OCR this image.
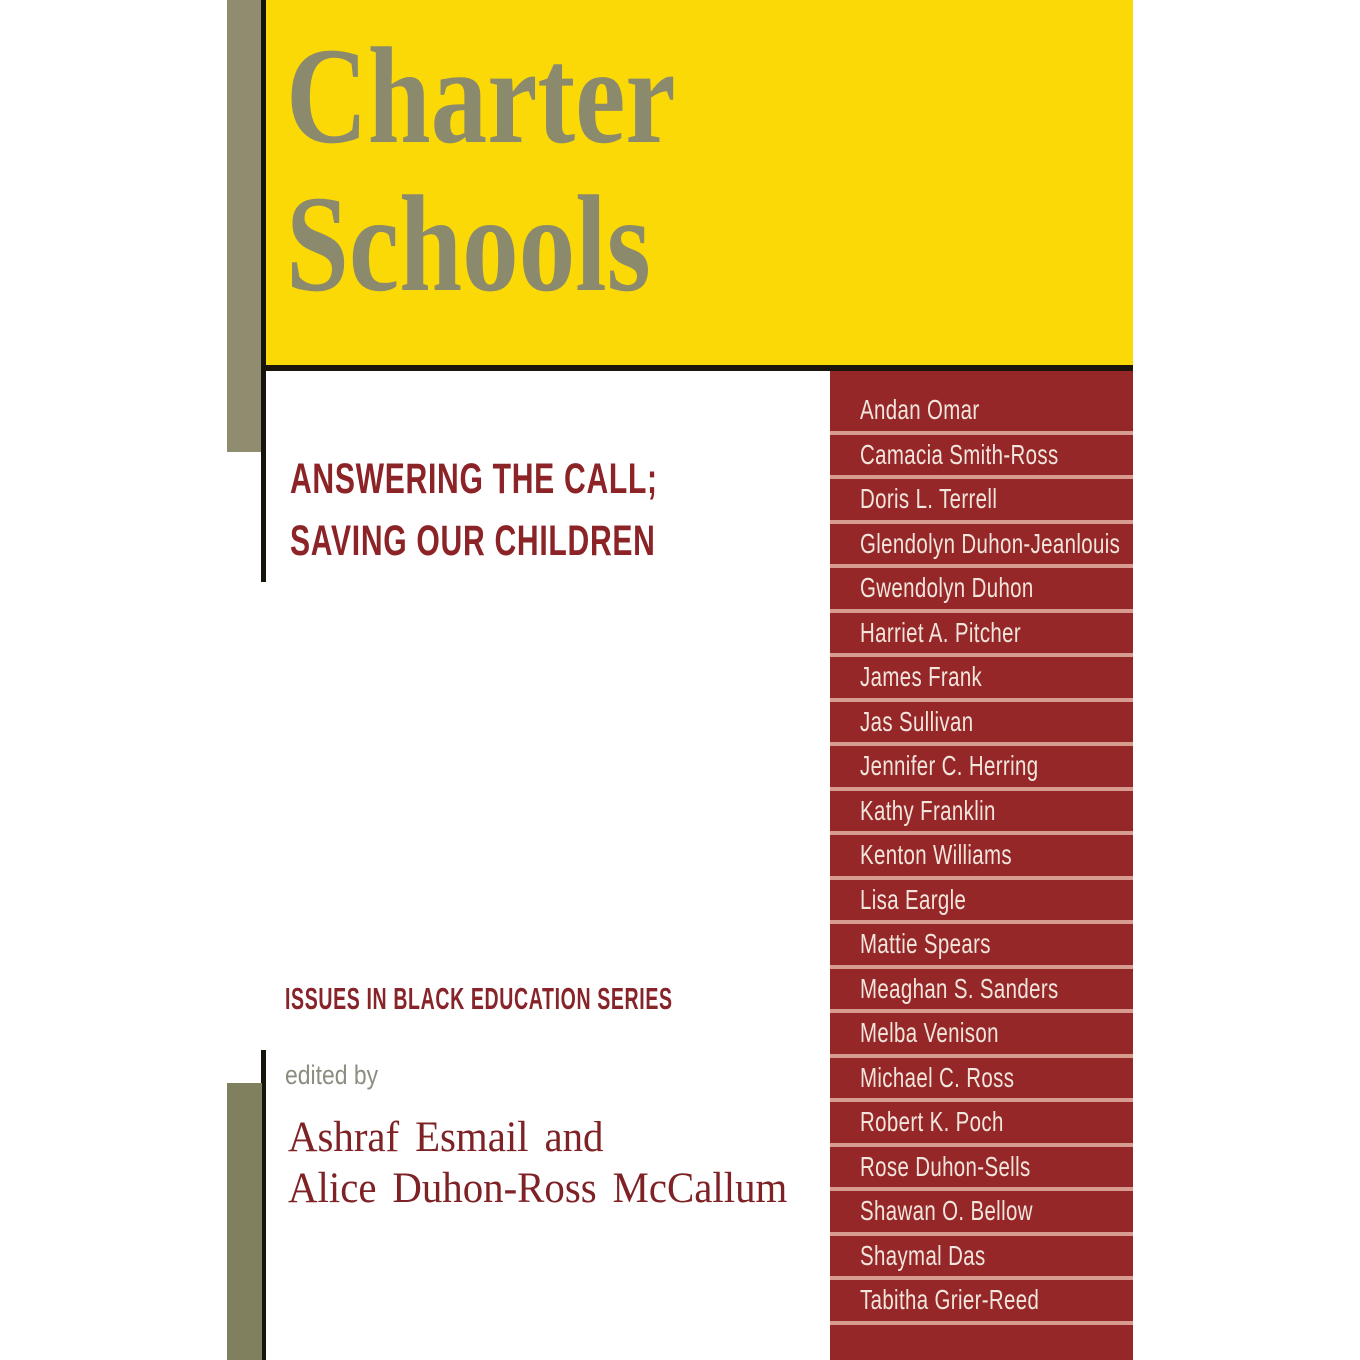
Charter
Schools
ANSWERING THE CALL;
SAVING OUR CHILDREN
ISSUES IN BLACK EDUCATION SERIES
edited by
Ashraf Esmail and
Alice Duhon-Ross McCallum
Andan Omar
Camacia Smith-Ross
Doris L. Terrell
Glendolyn Duhon-Jeanlouis
Gwendolyn Duhon
Harriet A. Pitcher
James Frank
Jas Sullivan
Jennifer C. Herring
Kathy Franklin
Kenton Williams
Lisa Eargle
Mattie Spears
Meaghan S. Sanders
Melba Venison
Michael C. Ross
Robert K. Poch
Rose Duhon-Sells
Shawan O. Bellow
Shaymal Das
Tabitha Grier-Reed
